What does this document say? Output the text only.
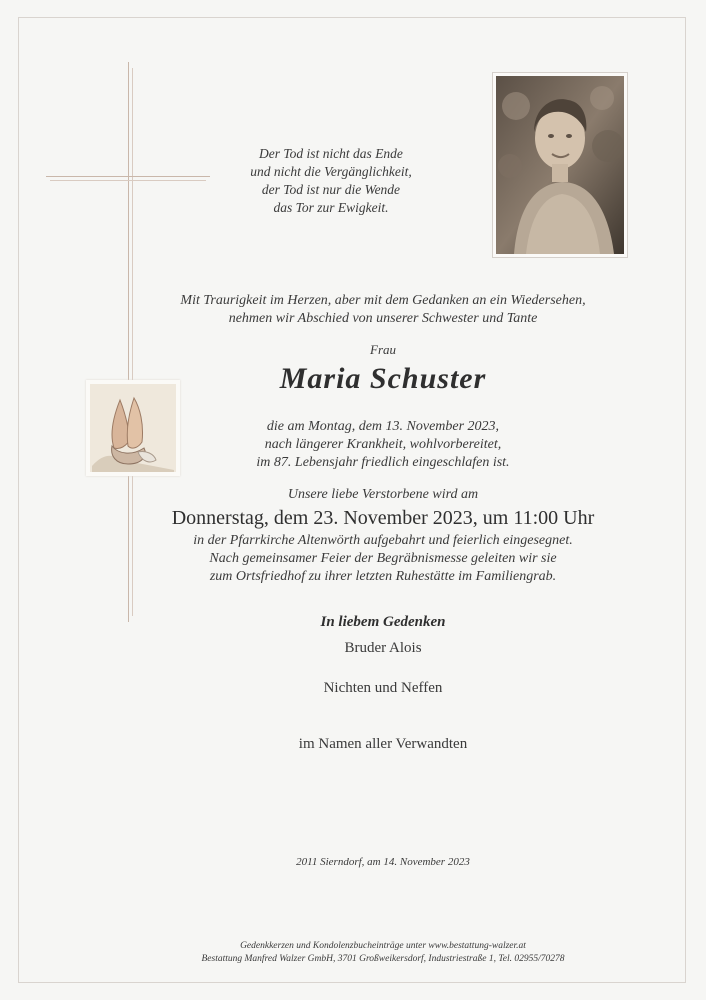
Der Tod ist nicht das Ende
und nicht die Vergänglichkeit,
der Tod ist nur die Wende
das Tor zur Ewigkeit.
Mit Traurigkeit im Herzen, aber mit dem Gedanken an ein Wiedersehen,
nehmen wir Abschied von unserer Schwester und Tante
Frau
Maria Schuster
die am Montag, dem 13. November 2023,
nach längerer Krankheit, wohlvorbereitet,
im 87. Lebensjahr friedlich eingeschlafen ist.
Unsere liebe Verstorbene wird am
Donnerstag, dem 23. November 2023, um 11:00 Uhr
in der Pfarrkirche Altenwörth aufgebahrt und feierlich eingesegnet.
Nach gemeinsamer Feier der Begräbnismesse geleiten wir sie
zum Ortsfriedhof zu ihrer letzten Ruhestätte im Familiengrab.
In liebem Gedenken
Bruder Alois
Nichten und Neffen
im Namen aller Verwandten
2011 Sierndorf, am 14. November 2023
Gedenkkerzen und Kondolenzbucheinträge unter www.bestattung-walzer.at
Bestattung Manfred Walzer GmbH, 3701 Großweikersdorf, Industriestraße 1, Tel. 02955/70278
